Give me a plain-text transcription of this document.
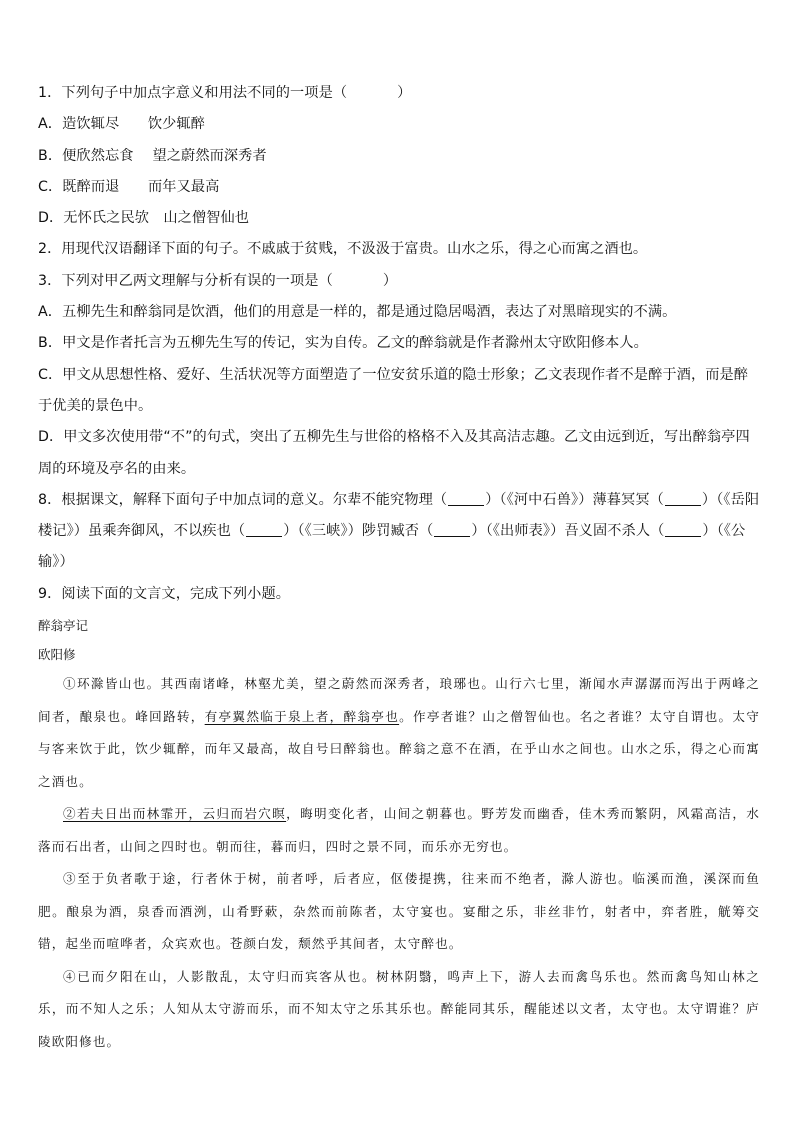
1．下列句子中加点字意义和用法不同的一项是（	）
A．造饮辄尽　　饮少辄醉
B．便欣然忘食　 望之蔚然而深秀者
C．既醉而退　　而年又最高
D．无怀氏之民欤　山之僧智仙也
2．用现代汉语翻译下面的句子。不戚戚于贫贱，不汲汲于富贵。山水之乐，得之心而寓之酒也。
3．下列对甲乙两文理解与分析有误的一项是（	）
A．五柳先生和醉翁同是饮酒，他们的用意是一样的，都是通过隐居喝酒，表达了对黑暗现实的不满。
B．甲文是作者托言为五柳先生写的传记，实为自传。乙文的醉翁就是作者滁州太守欧阳修本人。
C．甲文从思想性格、爱好、生活状况等方面塑造了一位安贫乐道的隐士形象；乙文表现作者不是醉于酒，而是醉于优美的景色中。
D．甲文多次使用带“不”的句式，突出了五柳先生与世俗的格格不入及其高洁志趣。乙文由远到近，写出醉翁亭四周的环境及亭名的由来。
8．根据课文，解释下面句子中加点词的意义。尔辈不能究物理（	）（《河中石兽》）薄暮冥冥（	）（《岳阳楼记》）虽乘奔御风，不以疾也（	）（《三峡》）陟罚臧否（	）（《出师表》）吾义固不杀人（	）（《公输》）
9．阅读下面的文言文，完成下列小题。
醉翁亭记
欧阳修

①环滁皆山也。其西南诸峰，林壑尤美，望之蔚然而深秀者，琅琊也。山行六七里，渐闻水声潺潺而泻出于两峰之间者，酿泉也。峰回路转，有亭翼然临于泉上者，醉翁亭也。作亭者谁？山之僧智仙也。名之者谁？太守自谓也。太守与客来饮于此，饮少辄醉，而年又最高，故自号曰醉翁也。醉翁之意不在酒，在乎山水之间也。山水之乐，得之心而寓之酒也。

②若夫日出而林霏开，云归而岩穴暝，晦明变化者，山间之朝暮也。野芳发而幽香，佳木秀而繁阴，风霜高洁，水落而石出者，山间之四时也。朝而往，暮而归，四时之景不同，而乐亦无穷也。

③至于负者歌于途，行者休于树，前者呼，后者应，伛偻提携，往来而不绝者，滁人游也。临溪而渔，溪深而鱼肥。酿泉为酒，泉香而酒洌，山肴野蔌，杂然而前陈者，太守宴也。宴酣之乐，非丝非竹，射者中，弈者胜，觥筹交错，起坐而喧哗者，众宾欢也。苍颜白发，颓然乎其间者，太守醉也。

④已而夕阳在山，人影散乱，太守归而宾客从也。树林阴翳，鸣声上下，游人去而禽鸟乐也。然而禽鸟知山林之乐，而不知人之乐；人知从太守游而乐，而不知太守之乐其乐也。醉能同其乐，醒能述以文者，太守也。太守谓谁？庐陵欧阳修也。
